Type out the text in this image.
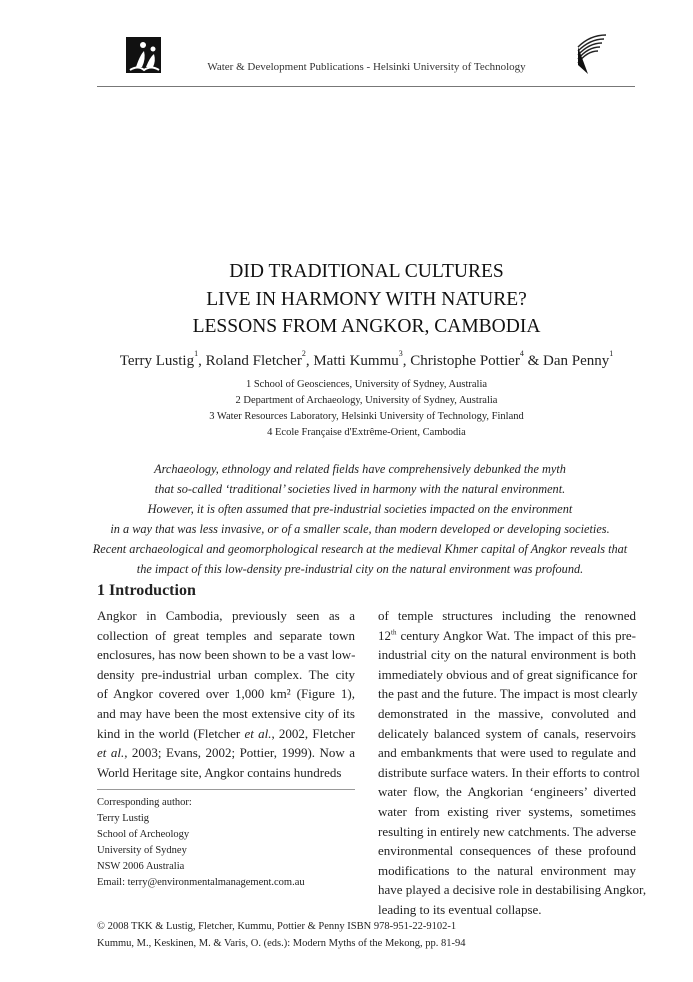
Water & Development Publications - Helsinki University of Technology
DID TRADITIONAL CULTURES
LIVE IN HARMONY WITH NATURE?
LESSONS FROM ANGKOR, CAMBODIA
Terry Lustig$^1$, Roland Fletcher$^2$, Matti Kummu$^3$, Christophe Pottier$^4$ & Dan Penny$^1$
1 School of Geosciences, University of Sydney, Australia
2 Department of Archaeology, University of Sydney, Australia
3 Water Resources Laboratory, Helsinki University of Technology, Finland
4 Ecole Française d'Extrême-Orient, Cambodia
Archaeology, ethnology and related fields have comprehensively debunked the myth
that so-called ‘traditional’ societies lived in harmony with the natural environment.
However, it is often assumed that pre-industrial societies impacted on the environment
in a way that was less invasive, or of a smaller scale, than modern developed or developing societies.
Recent archaeological and geomorphological research at the medieval Khmer capital of Angkor reveals that
the impact of this low-density pre-industrial city on the natural environment was profound.
1 Introduction
Angkor in Cambodia, previously seen as a
collection of great temples and separate town
enclosures, has now been shown to be a vast low-
density pre-industrial urban complex. The city
of Angkor covered over 1,000 km² (Figure 1),
and may have been the most extensive city of its
kind in the world (Fletcher et al., 2002, Fletcher
et al., 2003; Evans, 2002; Pottier, 1999). Now a
World Heritage site, Angkor contains hundreds
of temple structures including the renowned
12th century Angkor Wat. The impact of this pre-
industrial city on the natural environment is both
immediately obvious and of great significance for
the past and the future. The impact is most clearly
demonstrated in the massive, convoluted and
delicately balanced system of canals, reservoirs
and embankments that were used to regulate and
distribute surface waters. In their efforts to control
water flow, the Angkorian ‘engineers’ diverted
water from existing river systems, sometimes
resulting in entirely new catchments. The adverse
environmental consequences of these profound
modifications to the natural environment may
have played a decisive role in destabilising Angkor,
leading to its eventual collapse.
Corresponding author:
Terry Lustig
School of Archeology
University of Sydney
NSW 2006 Australia
Email: terry@environmentalmanagement.com.au
© 2008 TKK & Lustig, Fletcher, Kummu, Pottier & Penny ISBN 978-951-22-9102-1
Kummu, M., Keskinen, M. & Varis, O. (eds.): Modern Myths of the Mekong, pp. 81-94
